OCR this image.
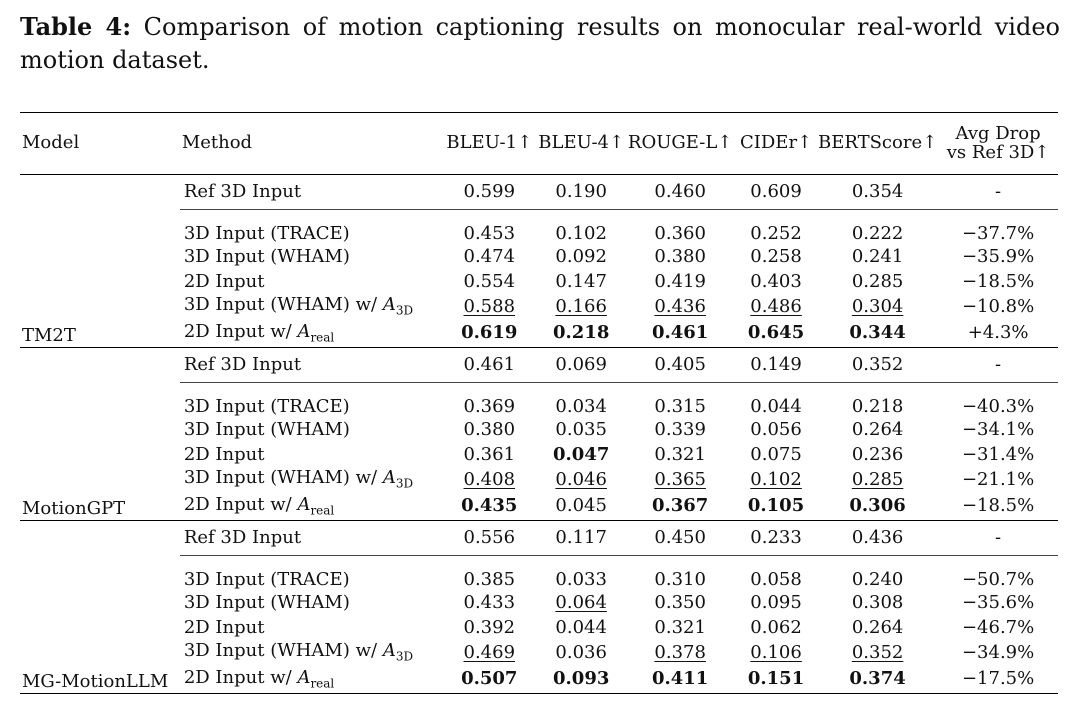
Table 4: Comparison of motion captioning results on monocular real-world video motion dataset.
Model	Method	BLEU-1↑	BLEU-4↑	ROUGE-L↑	CIDEr↑	BERTScore↑	Avg Drop
vs Ref 3D↑
	Ref 3D Input	0.599	0.190	0.460	0.609	0.354	-
TM2T	3D Input (TRACE)	0.453	0.102	0.360	0.252	0.222	−37.7%
	3D Input (WHAM)	0.474	0.092	0.380	0.258	0.241	−35.9%
	2D Input	0.554	0.147	0.419	0.403	0.285	−18.5%
	3D Input (WHAM) w/ $A_{3D}$	0.588	0.166	0.436	0.486	0.304	−10.8%
	2D Input w/ $A_{real}$	0.619	0.218	0.461	0.645	0.344	+4.3%
	Ref 3D Input	0.461	0.069	0.405	0.149	0.352	-
MotionGPT	3D Input (TRACE)	0.369	0.034	0.315	0.044	0.218	−40.3%
	3D Input (WHAM)	0.380	0.035	0.339	0.056	0.264	−34.1%
	2D Input	0.361	0.047	0.321	0.075	0.236	−31.4%
	3D Input (WHAM) w/ $A_{3D}$	0.408	0.046	0.365	0.102	0.285	−21.1%
	2D Input w/ $A_{real}$	0.435	0.045	0.367	0.105	0.306	−18.5%
	Ref 3D Input	0.556	0.117	0.450	0.233	0.436	-
MG-MotionLLM	3D Input (TRACE)	0.385	0.033	0.310	0.058	0.240	−50.7%
	3D Input (WHAM)	0.433	0.064	0.350	0.095	0.308	−35.6%
	2D Input	0.392	0.044	0.321	0.062	0.264	−46.7%
	3D Input (WHAM) w/ $A_{3D}$	0.469	0.036	0.378	0.106	0.352	−34.9%
	2D Input w/ $A_{real}$	0.507	0.093	0.411	0.151	0.374	−17.5%
